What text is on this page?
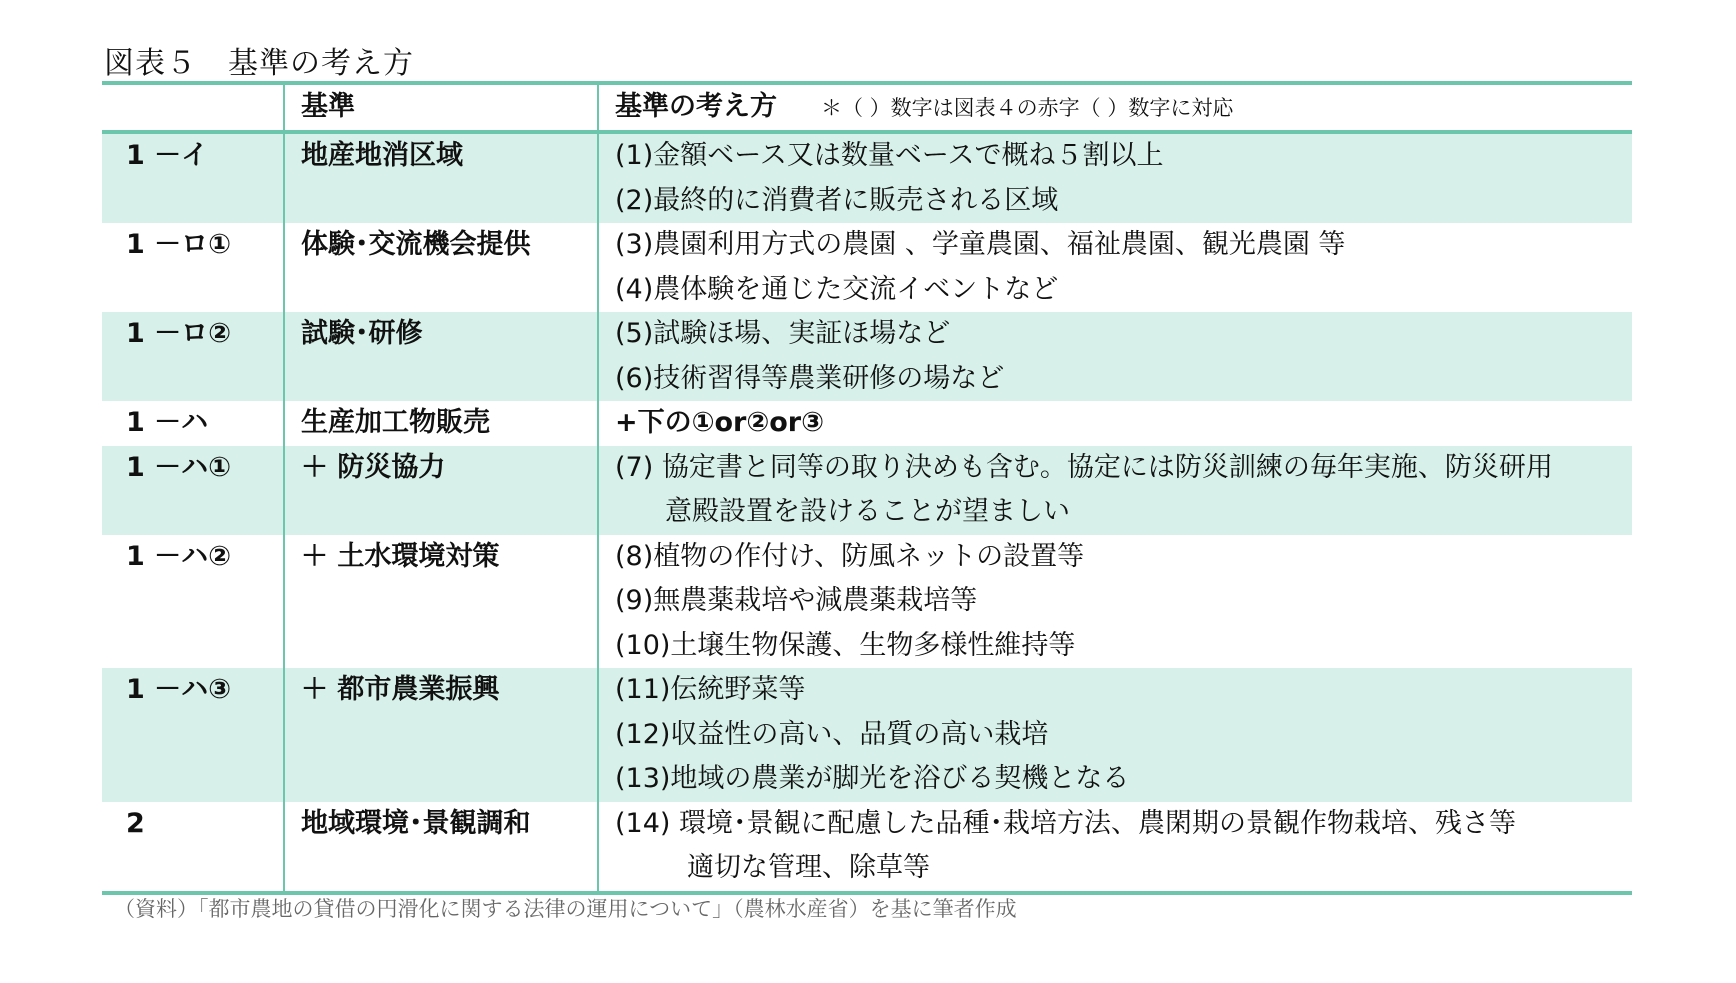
図表５　基準の考え方
	基準	基準の考え方 ＊（ ）数字は図表４の赤字（ ）数字に対応
1 －イ	地産地消区域	(1)金額ベース又は数量ベースで概ね５割以上
(2)最終的に消費者に販売される区域

1 －ロ①	体験･交流機会提供	(3)農園利用方式の農園 、学童農園、福祉農園、観光農園 等
(4)農体験を通じた交流イベントなど

1 －ロ②	試験･研修	(5)試験ほ場、実証ほ場など
(6)技術習得等農業研修の場など

1 －ハ	生産加工物販売	+下の①or②or③

1 －ハ①	＋ 防災協力	(7) 協定書と同等の取り決めも含む。協定には防災訓練の毎年実施、防災研用
意殿設置を設けることが望ましい

1 －ハ②	＋ 土水環境対策	(8)植物の作付け、防風ネットの設置等
(9)無農薬栽培や減農薬栽培等
(10)土壌生物保護、生物多様性維持等

1 －ハ③	＋ 都市農業振興	(11)伝統野菜等
(12)収益性の高い、品質の高い栽培
(13)地域の農業が脚光を浴びる契機となる

2	地域環境･景観調和	(14) 環境･景観に配慮した品種･栽培方法、農閑期の景観作物栽培、残さ等
適切な管理、除草等
（資料）「都市農地の貸借の円滑化に関する法律の運用について」（農林水産省）を基に筆者作成
